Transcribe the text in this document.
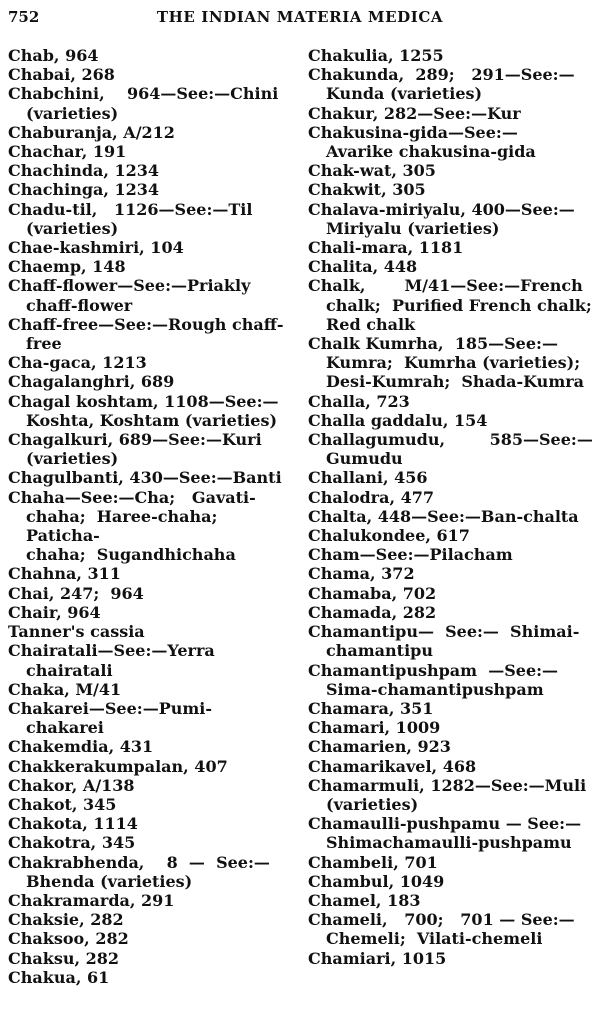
752	THE INDIAN MATERIA MEDICA

Chab, 964

Chabai, 268

Chabchini,    964—See:—Chini
(varieties)

Chaburanja, A/212

Chachar, 191

Chachinda, 1234

Chachinga, 1234

Chadu-til,   1126—See:—Til
(varieties)

Chae-kashmiri, 104

Chaemp, 148

Chaff-flower—See:—Priakly
chaff-flower

Chaff-free—See:—Rough chaff-
free

Cha-gaca, 1213

Chagalanghri, 689

Chagal koshtam, 1108—See:—
Koshta, Koshtam (varieties)

Chagalkuri, 689—See:—Kuri
(varieties)

Chagulbanti, 430—See:—Banti

Chaha—See:—Cha;   Gavati-
chaha;  Haree-chaha;  Paticha-
chaha;  Sugandhichaha

Chahna, 311

Chai, 247;  964

Chair, 964

Tanner's cassia

Chairatali—See:—Yerra
chairatali

Chaka, M/41

Chakarei—See:—Pumi-
chakarei

Chakemdia, 431

Chakkerakumpalan, 407

Chakor, A/138

Chakot, 345

Chakota, 1114

Chakotra, 345

Chakrabhenda,    8  —  See:—
Bhenda (varieties)

Chakramarda, 291

Chaksie, 282

Chaksoo, 282

Chaksu, 282

Chakua, 61

Chakulia, 1255

Chakunda,  289;   291—See:—
Kunda (varieties)

Chakur, 282—See:—Kur

Chakusina-gida—See:—
Avarike chakusina-gida

Chak-wat, 305

Chakwit, 305

Chalava-miriyalu, 400—See:—
Miriyalu (varieties)

Chali-mara, 1181

Chalita, 448

Chalk,       M/41—See:—French
chalk;  Purified French chalk;
Red chalk

Chalk Kumrha,  185—See:—
Kumra;  Kumrha (varieties);
Desi-Kumrah;  Shada-Kumra

Challa, 723

Challa gaddalu, 154

Challagumudu,        585—See:—
Gumudu

Challani, 456

Chalodra, 477

Chalta, 448—See:—Ban-chalta

Chalukondee, 617

Cham—See:—Pilacham

Chama, 372

Chamaba, 702

Chamada, 282

Chamantipu—  See:—  Shimai-
chamantipu

Chamantipushpam  —See:—
Sima-chamantipushpam

Chamara, 351

Chamari, 1009

Chamarien, 923

Chamarikavel, 468

Chamarmuli, 1282—See:—Muli
(varieties)

Chamaulli-pushpamu — See:—
Shimachamaulli-pushpamu

Chambeli, 701

Chambul, 1049

Chamel, 183

Chameli,   700;   701 — See:—
Chemeli;  Vilati-chemeli

Chamiari, 1015
